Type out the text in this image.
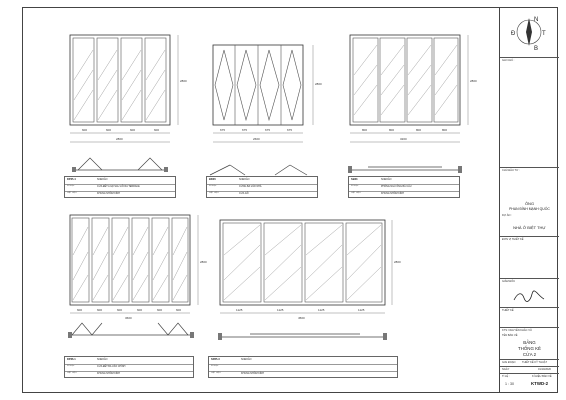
600	600	600	600
2800
2800
675	675	675	675
2600
2800
800	800	800	800
3200
2800
DP35.4	SOĐOÃO
Kí Hiệu	CỬA ĐẾT LOẠI SAU LỐI RA TERRACE
VẬT LIỆU	KHUNG NHÔM KÍNH
BD26	SOĐOÃO
Kí Hiệu	CỬNG BA VÀO NHÀ
VẬT LIỆU	CỬA GỖ
SB33	SOĐOÃO
Kí Hiệu	PHÒNG NGỦ ÔNG BÀ CẤU
VẬT LIỆU	KHUNG NHÔM KÍNH
600	600	600	600	600	600
3600
2800
1125	1125	1125	1125
4500
2800
DP36.1	SOĐOÃO
Kí Hiệu	CỬA ĐẾT BA VÀO CHÍNH
VẬT LIỆU	KHUNG NHÔM KÍNH
SD55.3	SOĐOÃO
Kí Hiệu
VẬT LIỆU	KHUNG NHÔM KÍNH
N
T
B
Đ
GHI CHÚ :
CHỦ ĐẦU TƯ :
ÔNG
PHAN ĐÌNH MẠNH QUỐC
DỰ ÁN :
NHÀ Ở BIỆT THỰ
ĐƠN VỊ THIẾT KẾ
GIÁM ĐỐC
THIẾT KẾ
KTS: NGUYỄN KHẮC VŨ
TÊN BẢN VẼ
BẢNG
THỐNG KÊ
CỬA 2
GIAI ĐOẠN	THIẾT KẾ KỸ THUẬT
NGÀY	01/10/2020
TỈ LỆ :
1 : 30
KÍ HIỆU BẢN VẼ
KTWD-2
